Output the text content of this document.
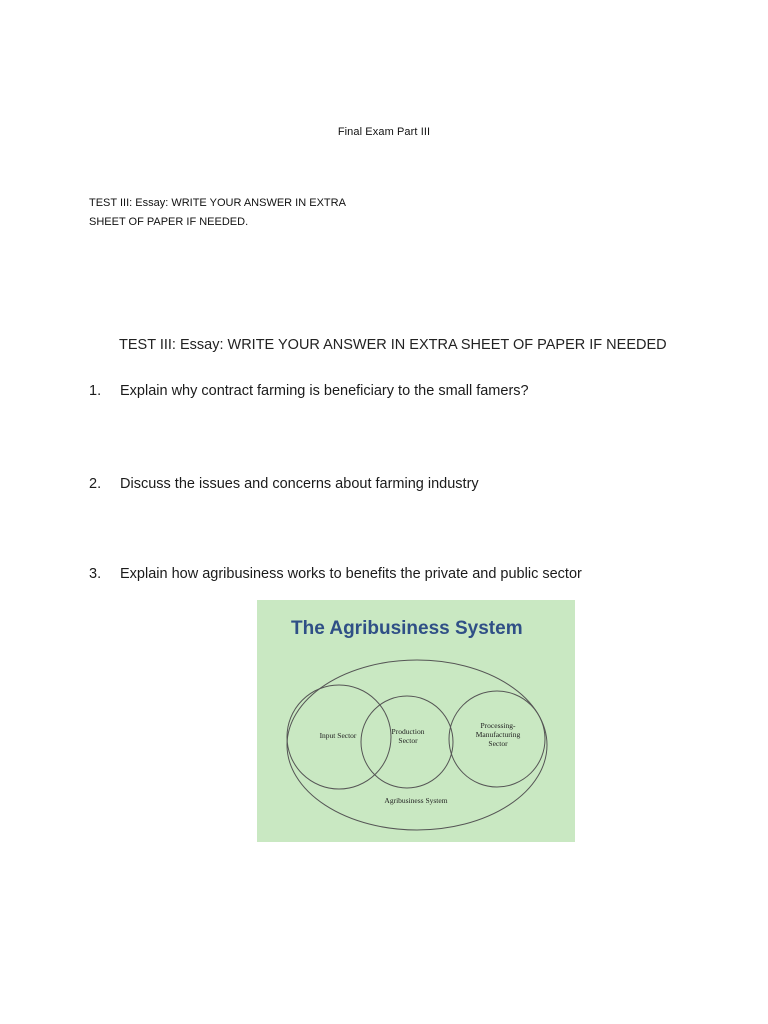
Final Exam Part III
TEST III: Essay: WRITE YOUR ANSWER IN EXTRA
SHEET OF PAPER IF NEEDED.
TEST III: Essay: WRITE YOUR ANSWER IN EXTRA SHEET OF PAPER IF NEEDED
1. Explain why contract farming is beneficiary to the small famers?
2. Discuss the issues and concerns about farming industry
3. Explain how agribusiness works to benefits the private and public sector
The Agribusiness System
Input Sector	Production
Sector
Processing-
Manufacturing
Sector
Agribusiness System
